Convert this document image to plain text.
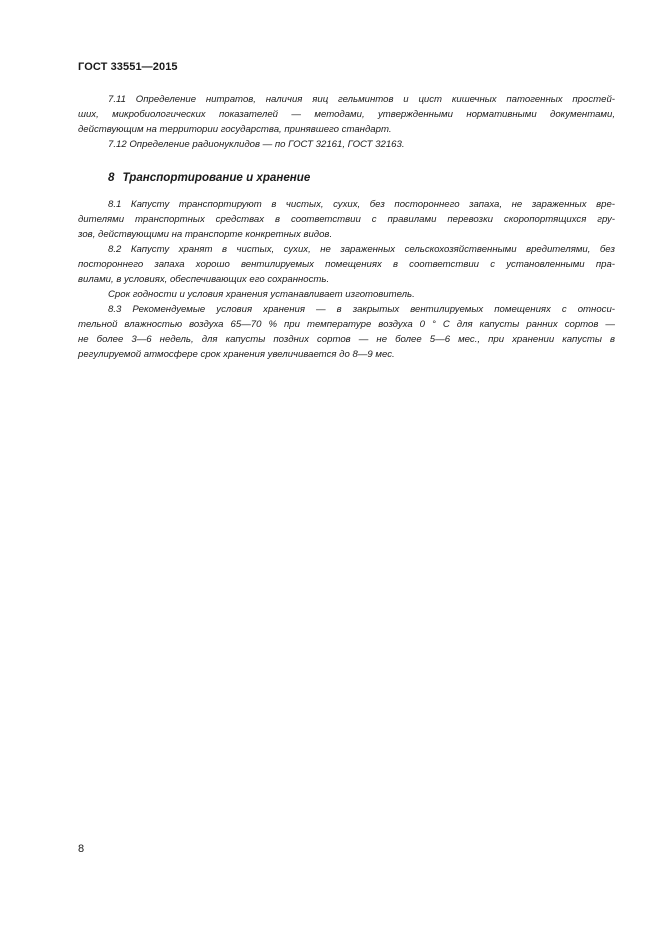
ГОСТ 33551—2015

7.11 Определение нитратов, наличия яиц гельминтов и цист кишечных патогенных простей-
ших, микробиологических показателей — методами, утвержденными нормативными документами,
действующим на территории государства, принявшего стандарт.

7.12 Определение радионуклидов — по ГОСТ 32161, ГОСТ 32163.

8 Транспортирование и хранение

8.1 Капусту транспортируют в чистых, сухих, без постороннего запаха, не зараженных вре-
дителями транспортных средствах в соответствии с правилами перевозки скоропортящихся гру-
зов, действующими на транспорте конкретных видов.

8.2 Капусту хранят в чистых, сухих, не зараженных сельскохозяйственными вредителями, без
постороннего запаха хорошо вентилируемых помещениях в соответствии с установленными пра-
вилами, в условиях, обеспечивающих его сохранность.

Срок годности и условия хранения устанавливает изготовитель.

8.3 Рекомендуемые условия хранения — в закрытых вентилируемых помещениях с относи-
тельной влажностью воздуха 65—70 % при температуре воздуха 0 ° С для капусты ранних сортов —
не более 3—6 недель, для капусты поздних сортов — не более 5—6 мес., при хранении капусты в
регулируемой атмосфере срок хранения увеличивается до 8—9 мес.

8
